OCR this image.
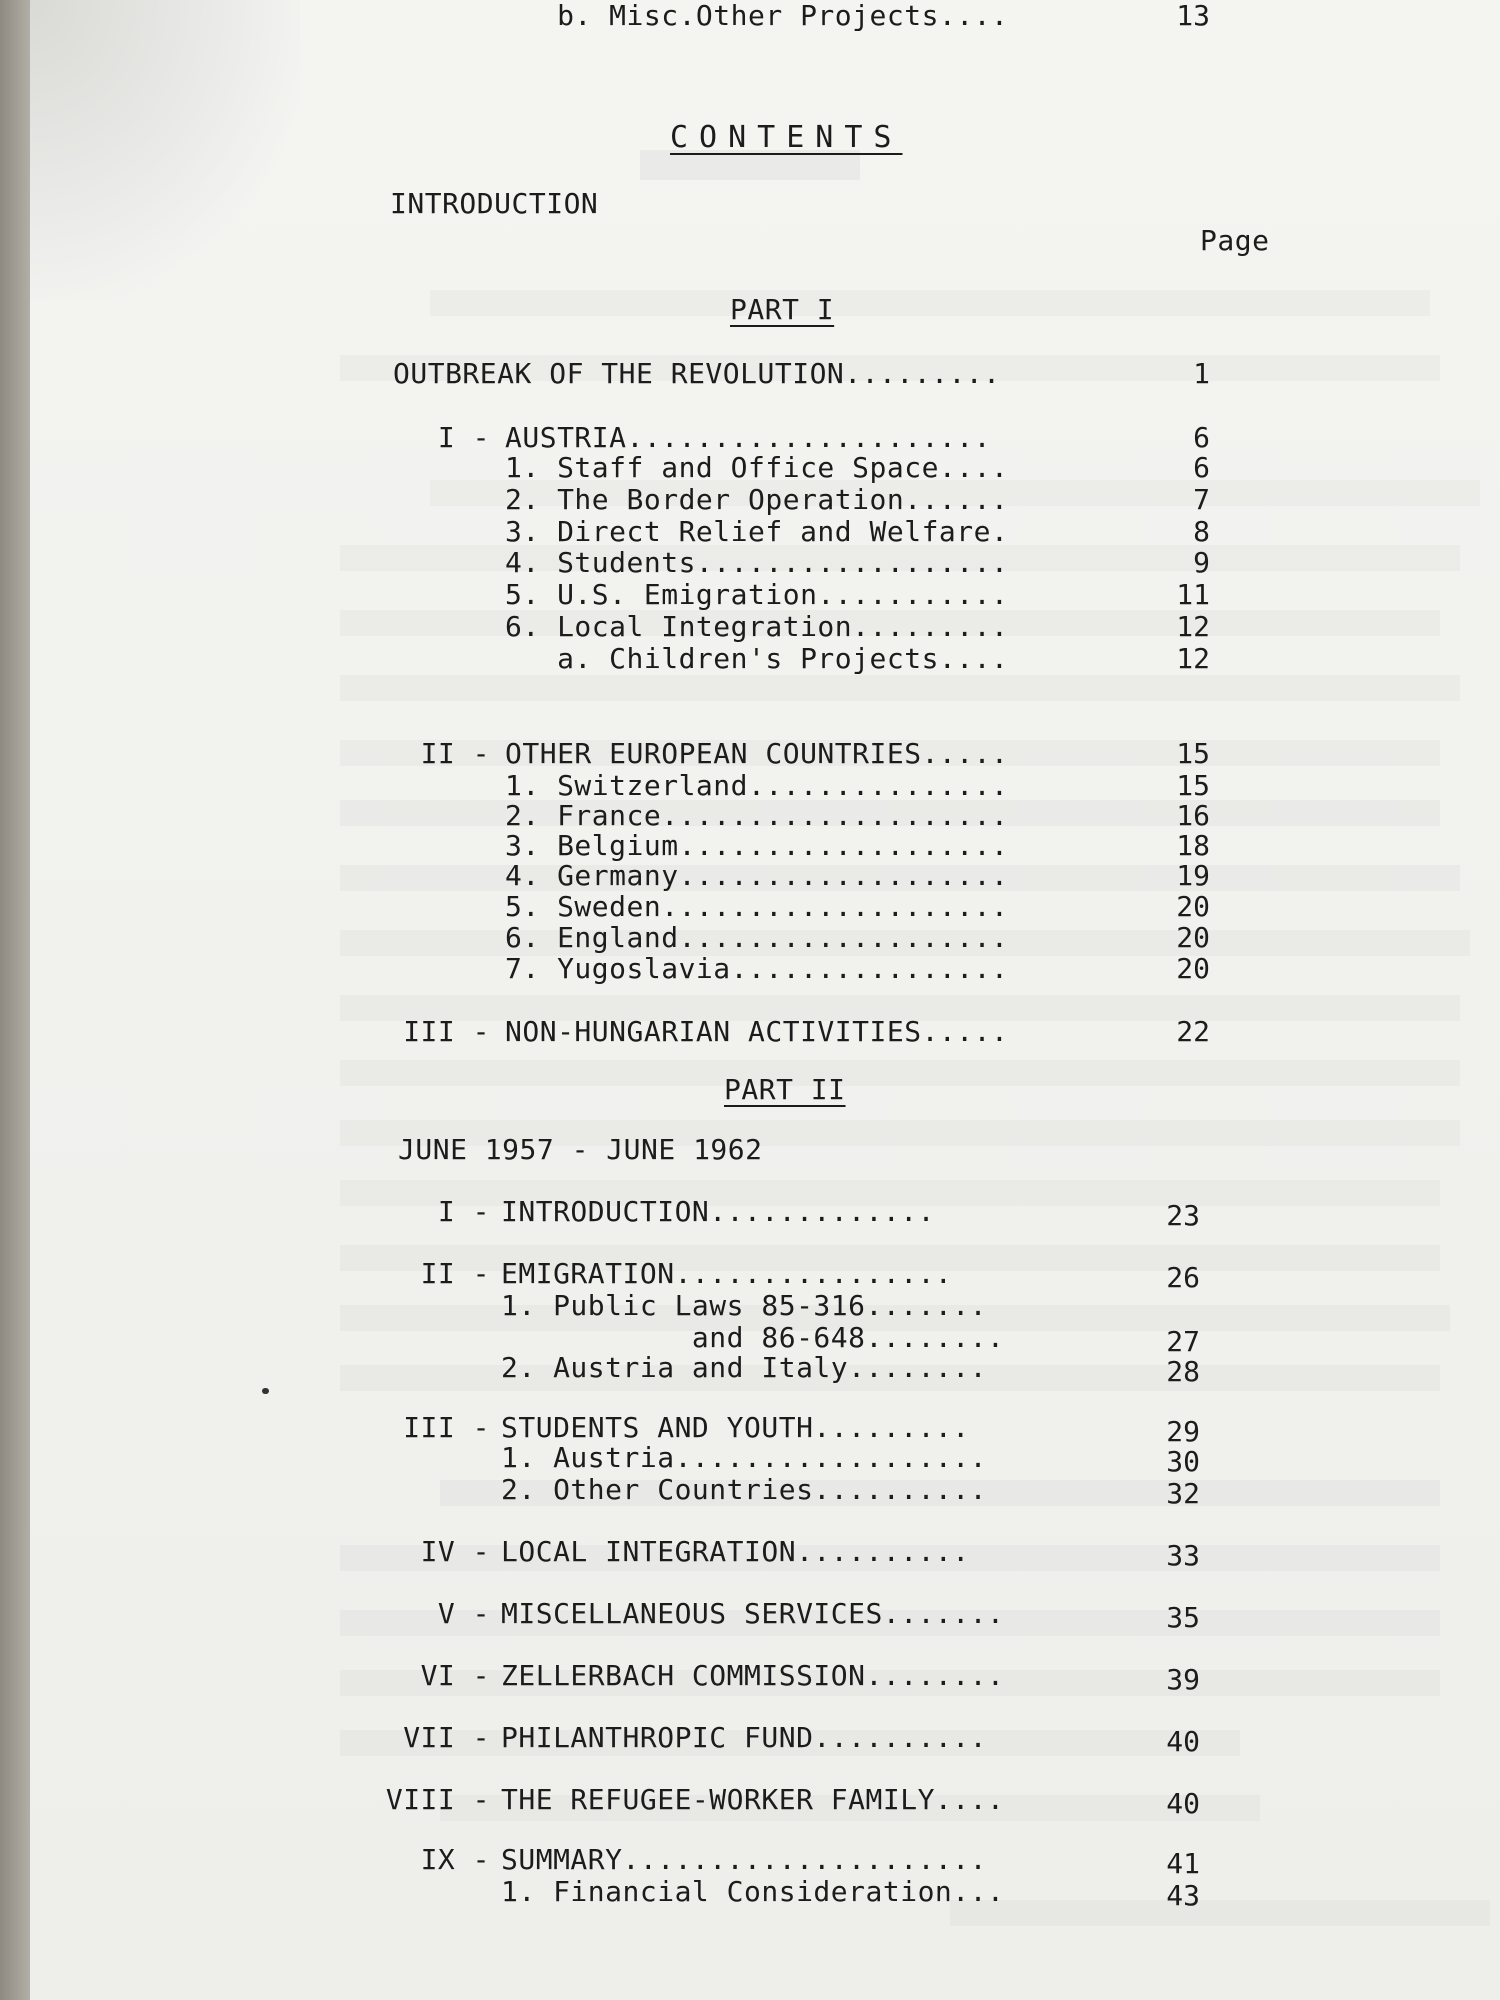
CONTENTS
INTRODUCTION
Page
PART I
OUTBREAK OF THE REVOLUTION.........	1
I - AUSTRIA.....................	6
1. Staff and Office Space....	6
2. The Border Operation......	7
3. Direct Relief and Welfare.	8
4. Students..................	9
5. U.S. Emigration...........	11
6. Local Integration.........	12
a. Children's Projects....	12
b. Misc.Other Projects....	13
II - OTHER EUROPEAN COUNTRIES.....	15
1. Switzerland...............	15
2. France....................	16
3. Belgium...................	18
4. Germany...................	19
5. Sweden....................	20
6. England...................	20
7. Yugoslavia................	20
III - NON-HUNGARIAN ACTIVITIES.....	22
PART II
JUNE 1957 - JUNE 1962
I - INTRODUCTION.............	23
II - EMIGRATION................	26
1. Public Laws 85-316.......
and 86-648........	27
2. Austria and Italy........	28
III - STUDENTS AND YOUTH.........	29
1. Austria..................	30
2. Other Countries..........	32
IV - LOCAL INTEGRATION..........	33
V - MISCELLANEOUS SERVICES.......	35
VI - ZELLERBACH COMMISSION........	39
VII - PHILANTHROPIC FUND..........	40
VIII - THE REFUGEE-WORKER FAMILY....	40
IX - SUMMARY.....................	41
1. Financial Consideration...	43
